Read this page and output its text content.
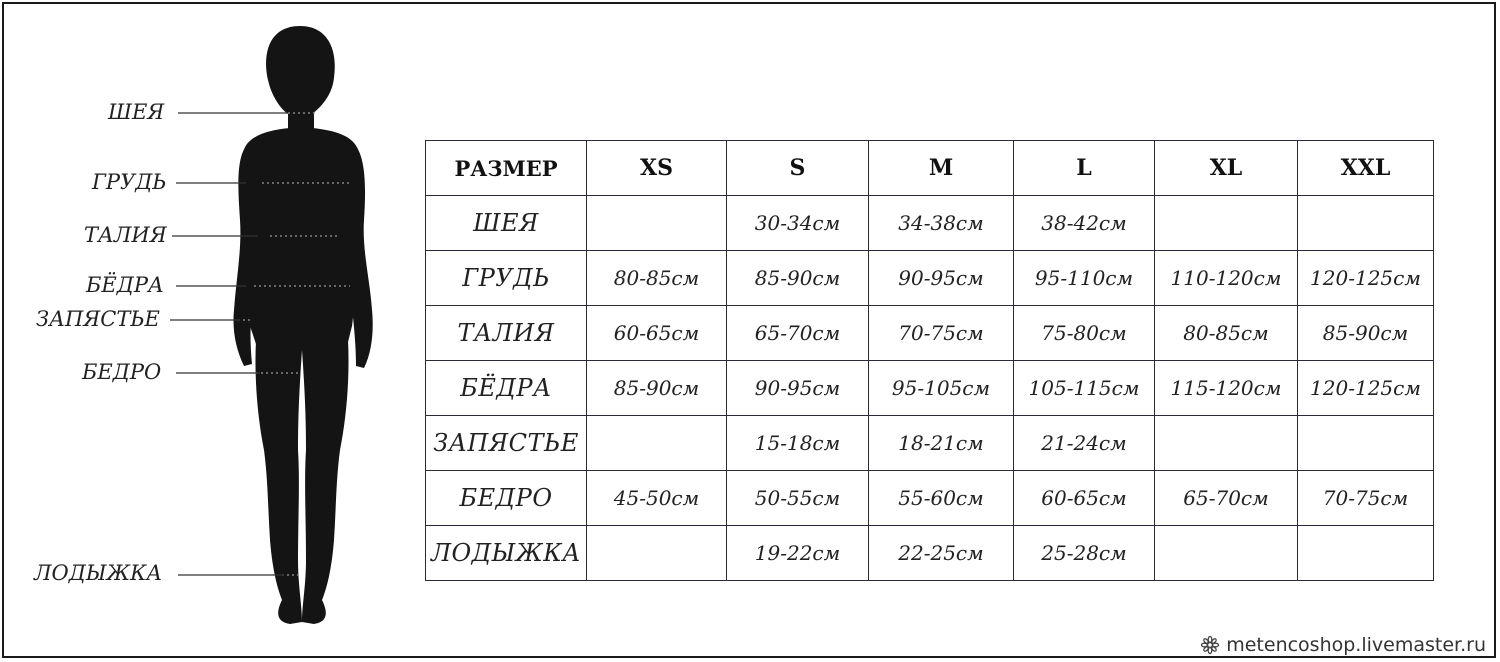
ШЕЯ
ГРУДЬ
ТАЛИЯ
БЁДРА
ЗАПЯСТЬЕ
БЕДРО
ЛОДЫЖКА
РАЗМЕР	XS	S	M	L	XL	XXL
ШЕЯ		30-34см	34-38см	38-42см		
ГРУДЬ	80-85см	85-90см	90-95см	95-110см	110-120см	120-125см
ТАЛИЯ	60-65см	65-70см	70-75см	75-80см	80-85см	85-90см
БЁДРА	85-90см	90-95см	95-105см	105-115см	115-120см	120-125см
ЗАПЯСТЬЕ		15-18см	18-21см	21-24см		
БЕДРО	45-50см	50-55см	55-60см	60-65см	65-70см	70-75см
ЛОДЫЖКА		19-22см	22-25см	25-28см		
metencoshop.livemaster.ru
